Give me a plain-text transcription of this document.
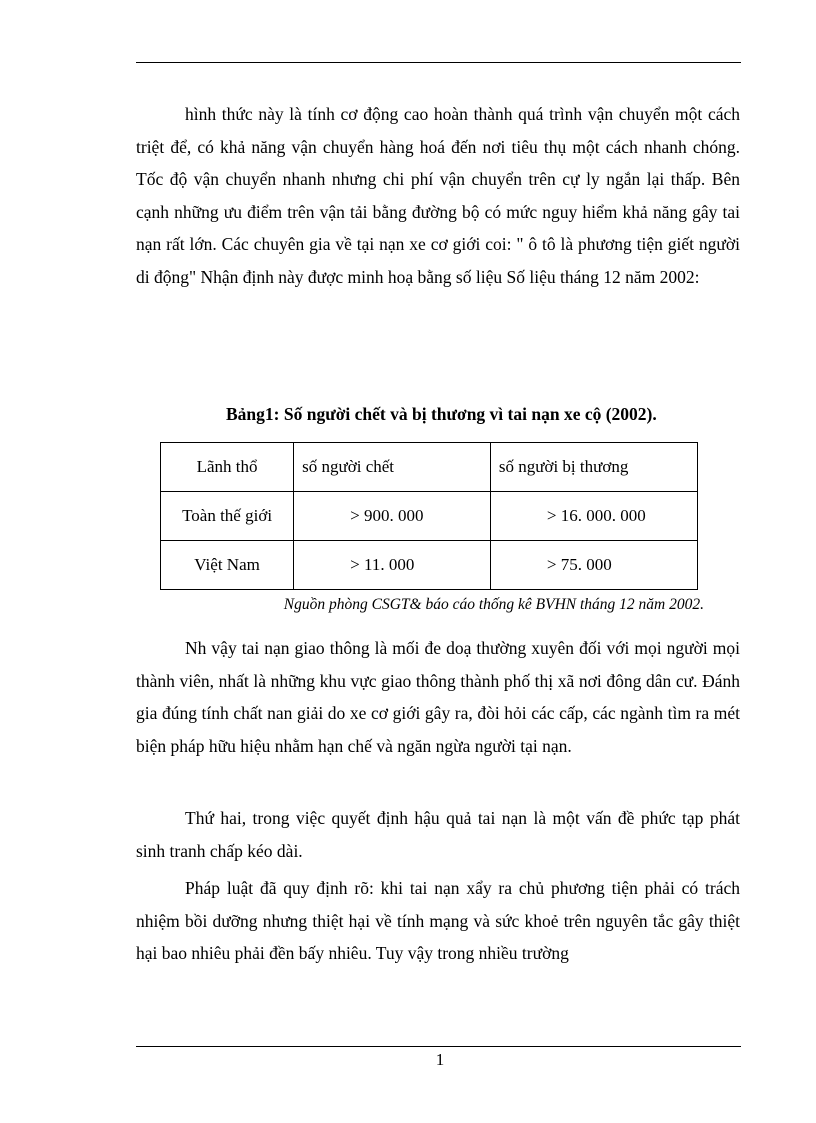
hình thức này là tính cơ động cao hoàn thành quá trình vận chuyển một cách triệt để, có khả năng vận chuyển hàng hoá đến nơi tiêu thụ một cách nhanh chóng. Tốc độ vận chuyển nhanh nhưng chi phí vận chuyển trên cự ly ngắn lại thấp. Bên cạnh những ưu điểm trên vận tải bằng đường bộ có mức nguy hiểm khả năng gây tai nạn rất lớn. Các chuyên gia về tại nạn xe cơ giới coi: " ô tô là phương tiện giết người di động" Nhận định này được minh hoạ bằng số liệu Số liệu tháng 12 năm 2002:

Bảng1: Số người chết và bị thương vì tai nạn xe cộ (2002).
Lãnh thổ	số người chết	số người bị thương
Toàn thế giới	> 900. 000	> 16. 000. 000
Việt Nam	> 11. 000	> 75. 000
Nguồn phòng CSGT& báo cáo thống kê BVHN tháng 12 năm 2002.

Nh vậy tai nạn giao thông là mối đe doạ thường xuyên đối với mọi người mọi thành viên, nhất là những khu vực giao thông thành phố thị xã nơi đông dân cư. Đánh gia đúng tính chất nan giải do xe cơ giới gây ra, đòi hỏi các cấp, các ngành tìm ra mét biện pháp hữu hiệu nhằm hạn chế và ngăn ngừa người tại nạn.

Thứ hai, trong việc quyết định hậu quả tai nạn là một vấn đề phức tạp phát sinh tranh chấp kéo dài.

Pháp luật đã quy định rõ: khi tai nạn xẩy ra chủ phương tiện phải có trách nhiệm bồi dưỡng nhưng thiệt hại về tính mạng và sức khoẻ trên nguyên tắc gây thiệt hại bao nhiêu phải đền bấy nhiêu. Tuy vậy trong nhiều trường

1
